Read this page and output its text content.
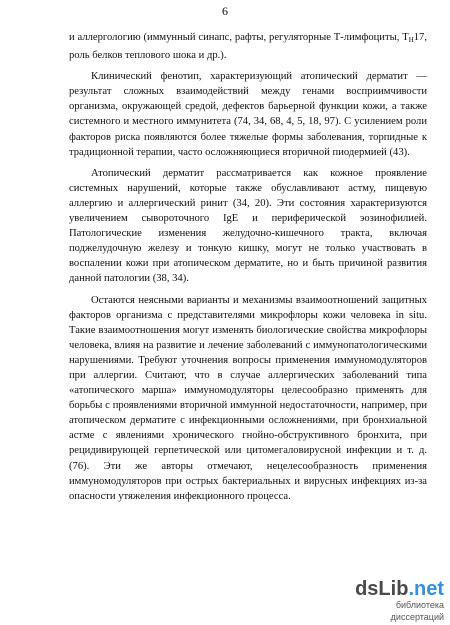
6

и аллергологию (иммунный синапс, рафты, регуляторные Т-лимфоциты, $Т_Н17$, роль белков теплового шока и др.).

Клинический фенотип, характеризующий атопический дерматит — результат сложных взаимодействий между генами восприимчивости организма, окружающей средой, дефектов барьерной функции кожи, а также системного и местного иммунитета (74, 34, 68, 4, 5, 18, 97). С усилением роли факторов риска появляются более тяжелые формы заболевания, торпидные к традиционной терапии, часто осложняющиеся вторичной пиодермией (43).

Атопический дерматит рассматривается как кожное проявление системных нарушений, которые также обуславливают астму, пищевую аллергию и аллергический ринит (34, 20). Эти состояния характеризуются увеличением сывороточного IgE и периферической эозинофилией. Патологические изменения желудочно-кишечного тракта, включая поджелудочную железу и тонкую кишку, могут не только участвовать в воспалении кожи при атопическом дерматите, но и быть причиной развития данной патологии (38, 34).

Остаются неясными варианты и механизмы взаимоотношений защитных факторов организма с представителями микрофлоры кожи человека in situ. Такие взаимоотношения могут изменять биологические свойства микрофлоры человека, влияя на развитие и лечение заболеваний с иммунопатологическими нарушениями. Требуют уточнения вопросы применения иммуномодуляторов при аллергии. Считают, что в случае аллергических заболеваний типа «атопического марша» иммуномодуляторы целесообразно применять для борьбы с проявлениями вторичной иммунной недостаточности, например, при атопическом дерматите с инфекционными осложнениями, при бронхиальной астме с явлениями хронического гнойно-обструктивного бронхита, при рецидивирующей герпетической или цитомегаловирусной инфекции и т. д. (76). Эти же авторы отмечают, нецелесообразность применения иммуномодуляторов при острых бактериальных и вирусных инфекциях из-за опасности утяжеления инфекционного процесса.

dsLib.net
библиотека диссертаций
